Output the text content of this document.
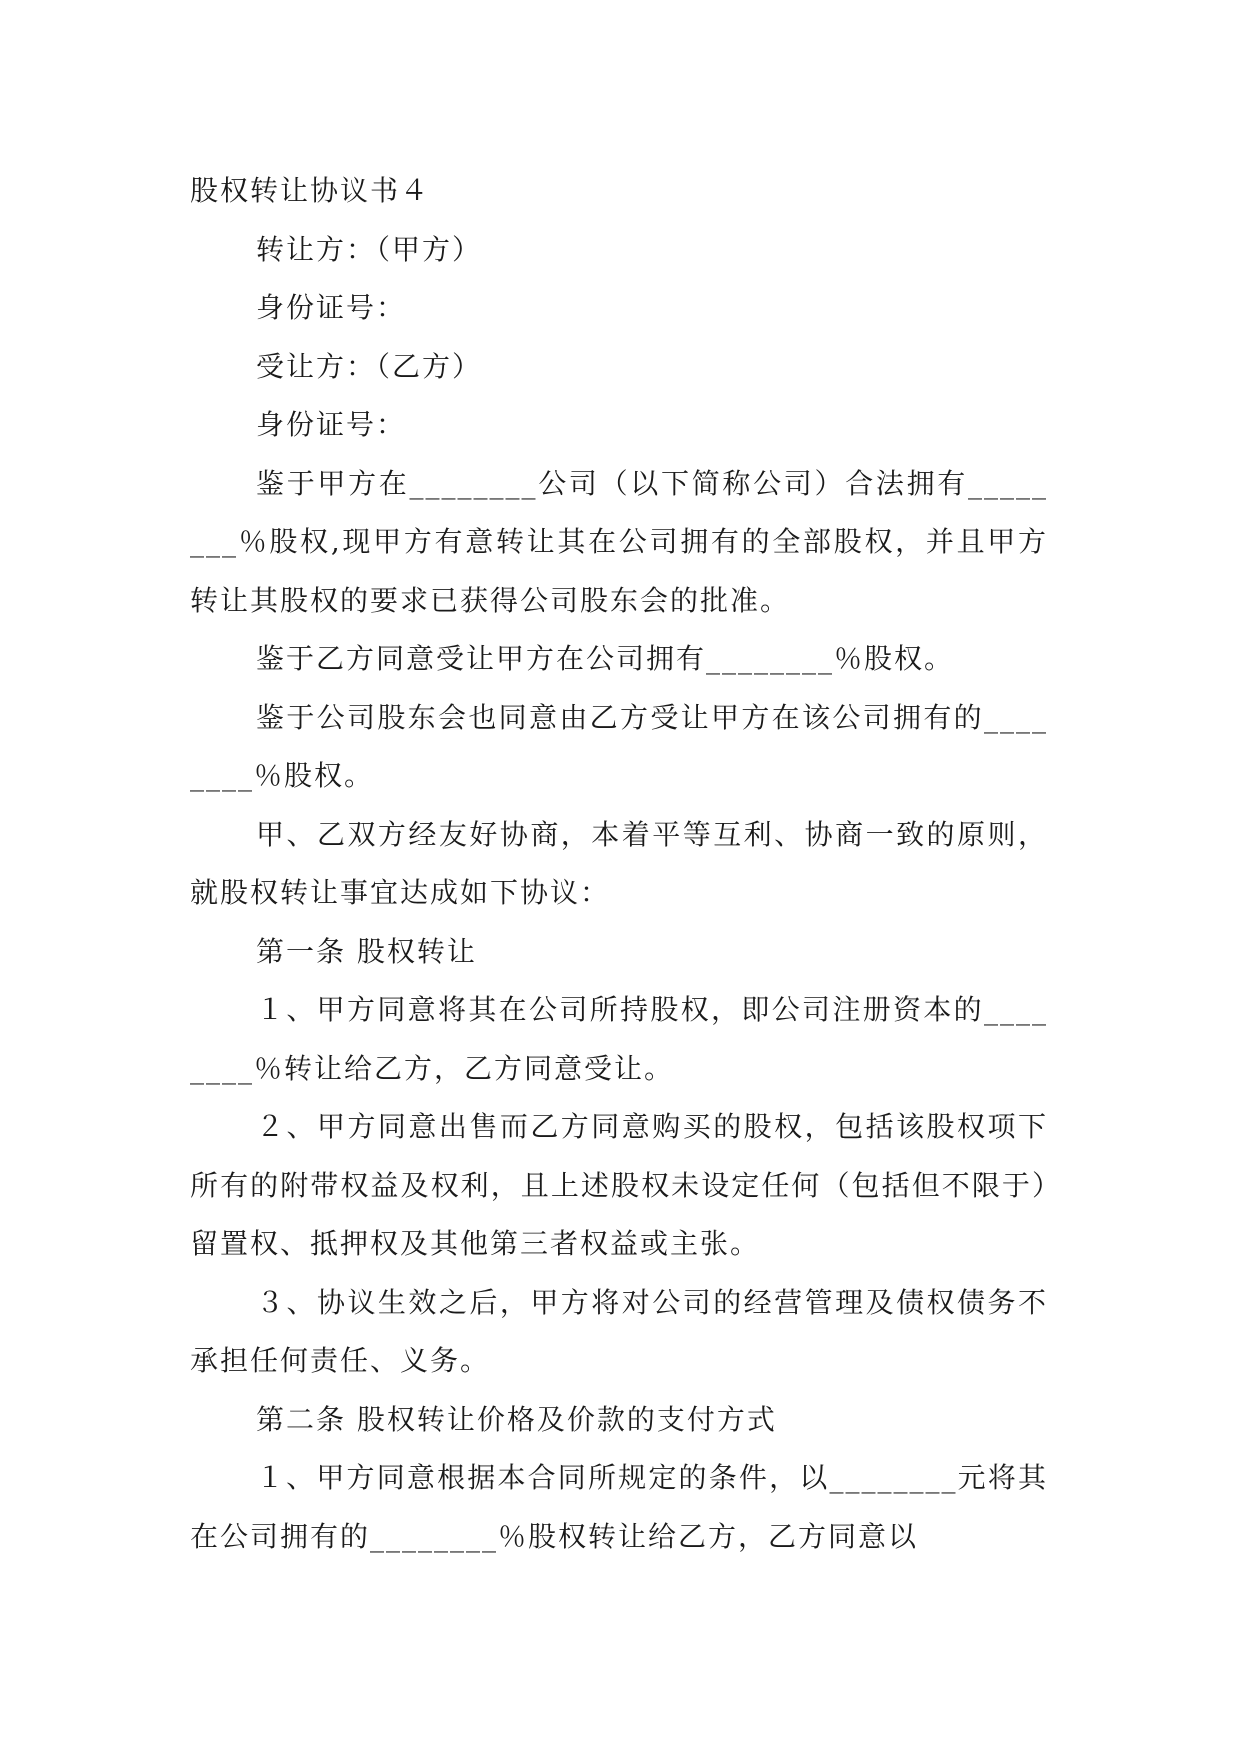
股权转让协议书４

转让方：（甲方）

身份证号：

受让方：（乙方）

身份证号：

鉴于甲方在________公司（以下简称公司）合法拥有________％股权,现甲方有意转让其在公司拥有的全部股权，并且甲方转让其股权的要求已获得公司股东会的批准。

鉴于乙方同意受让甲方在公司拥有________％股权。

鉴于公司股东会也同意由乙方受让甲方在该公司拥有的________％股权。

甲、乙双方经友好协商，本着平等互利、协商一致的原则，就股权转让事宜达成如下协议：

第一条 股权转让

１、甲方同意将其在公司所持股权，即公司注册资本的________％转让给乙方，乙方同意受让。

２、甲方同意出售而乙方同意购买的股权，包括该股权项下所有的附带权益及权利，且上述股权未设定任何（包括但不限于）留置权、抵押权及其他第三者权益或主张。

３、协议生效之后，甲方将对公司的经营管理及债权债务不承担任何责任、义务。

第二条 股权转让价格及价款的支付方式

１、甲方同意根据本合同所规定的条件，以________元将其在公司拥有的________％股权转让给乙方，乙方同意以
